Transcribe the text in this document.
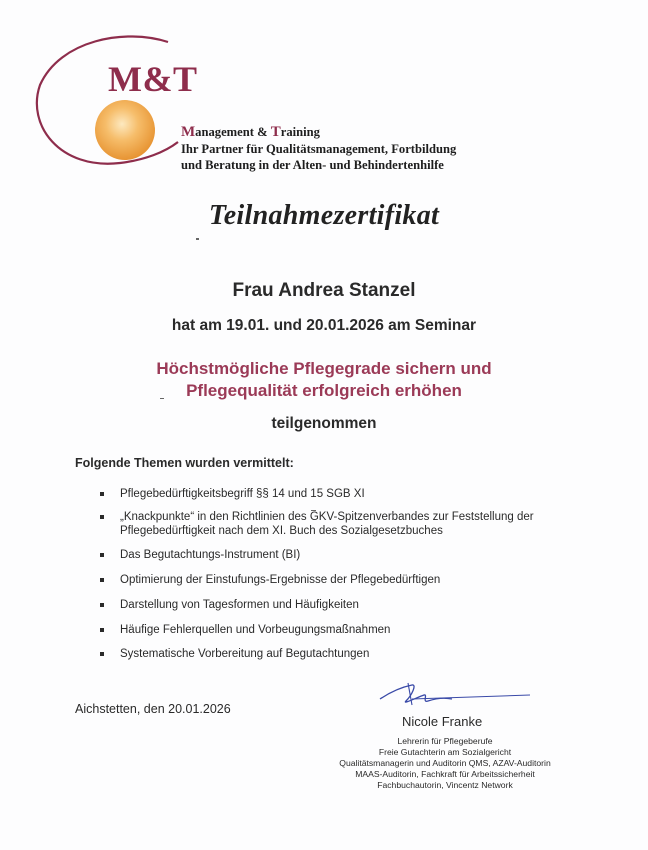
M&T
Management & Training
Ihr Partner für Qualitätsmanagement, Fortbildung
und Beratung in der Alten- und Behindertenhilfe
Teilnahmezertifikat
Frau Andrea Stanzel
hat am 19.01. und 20.01.2026 am Seminar
Höchstmögliche Pflegegrade sichern und
Pflegequalität erfolgreich erhöhen
teilgenommen
Folgende Themen wurden vermittelt:
Pflegebedürftigkeitsbegriff §§ 14 und 15 SGB XI
„Knackpunkte“ in den Richtlinien des GKV-Spitzenverbandes zur Feststellung der Pflegebedürftigkeit nach dem XI. Buch des Sozialgesetzbuches
Das Begutachtungs-Instrument (BI)
Optimierung der Einstufungs-Ergebnisse der Pflegebedürftigen
Darstellung von Tagesformen und Häufigkeiten
Häufige Fehlerquellen und Vorbeugungsmaßnahmen
Systematische Vorbereitung auf Begutachtungen
Aichstetten, den 20.01.2026
Nicole Franke
Lehrerin für Pflegeberufe
Freie Gutachterin am Sozialgericht
Qualitätsmanagerin und Auditorin QMS, AZAV-Auditorin
MAAS-Auditorin, Fachkraft für Arbeitssicherheit
Fachbuchautorin, Vincentz Network
